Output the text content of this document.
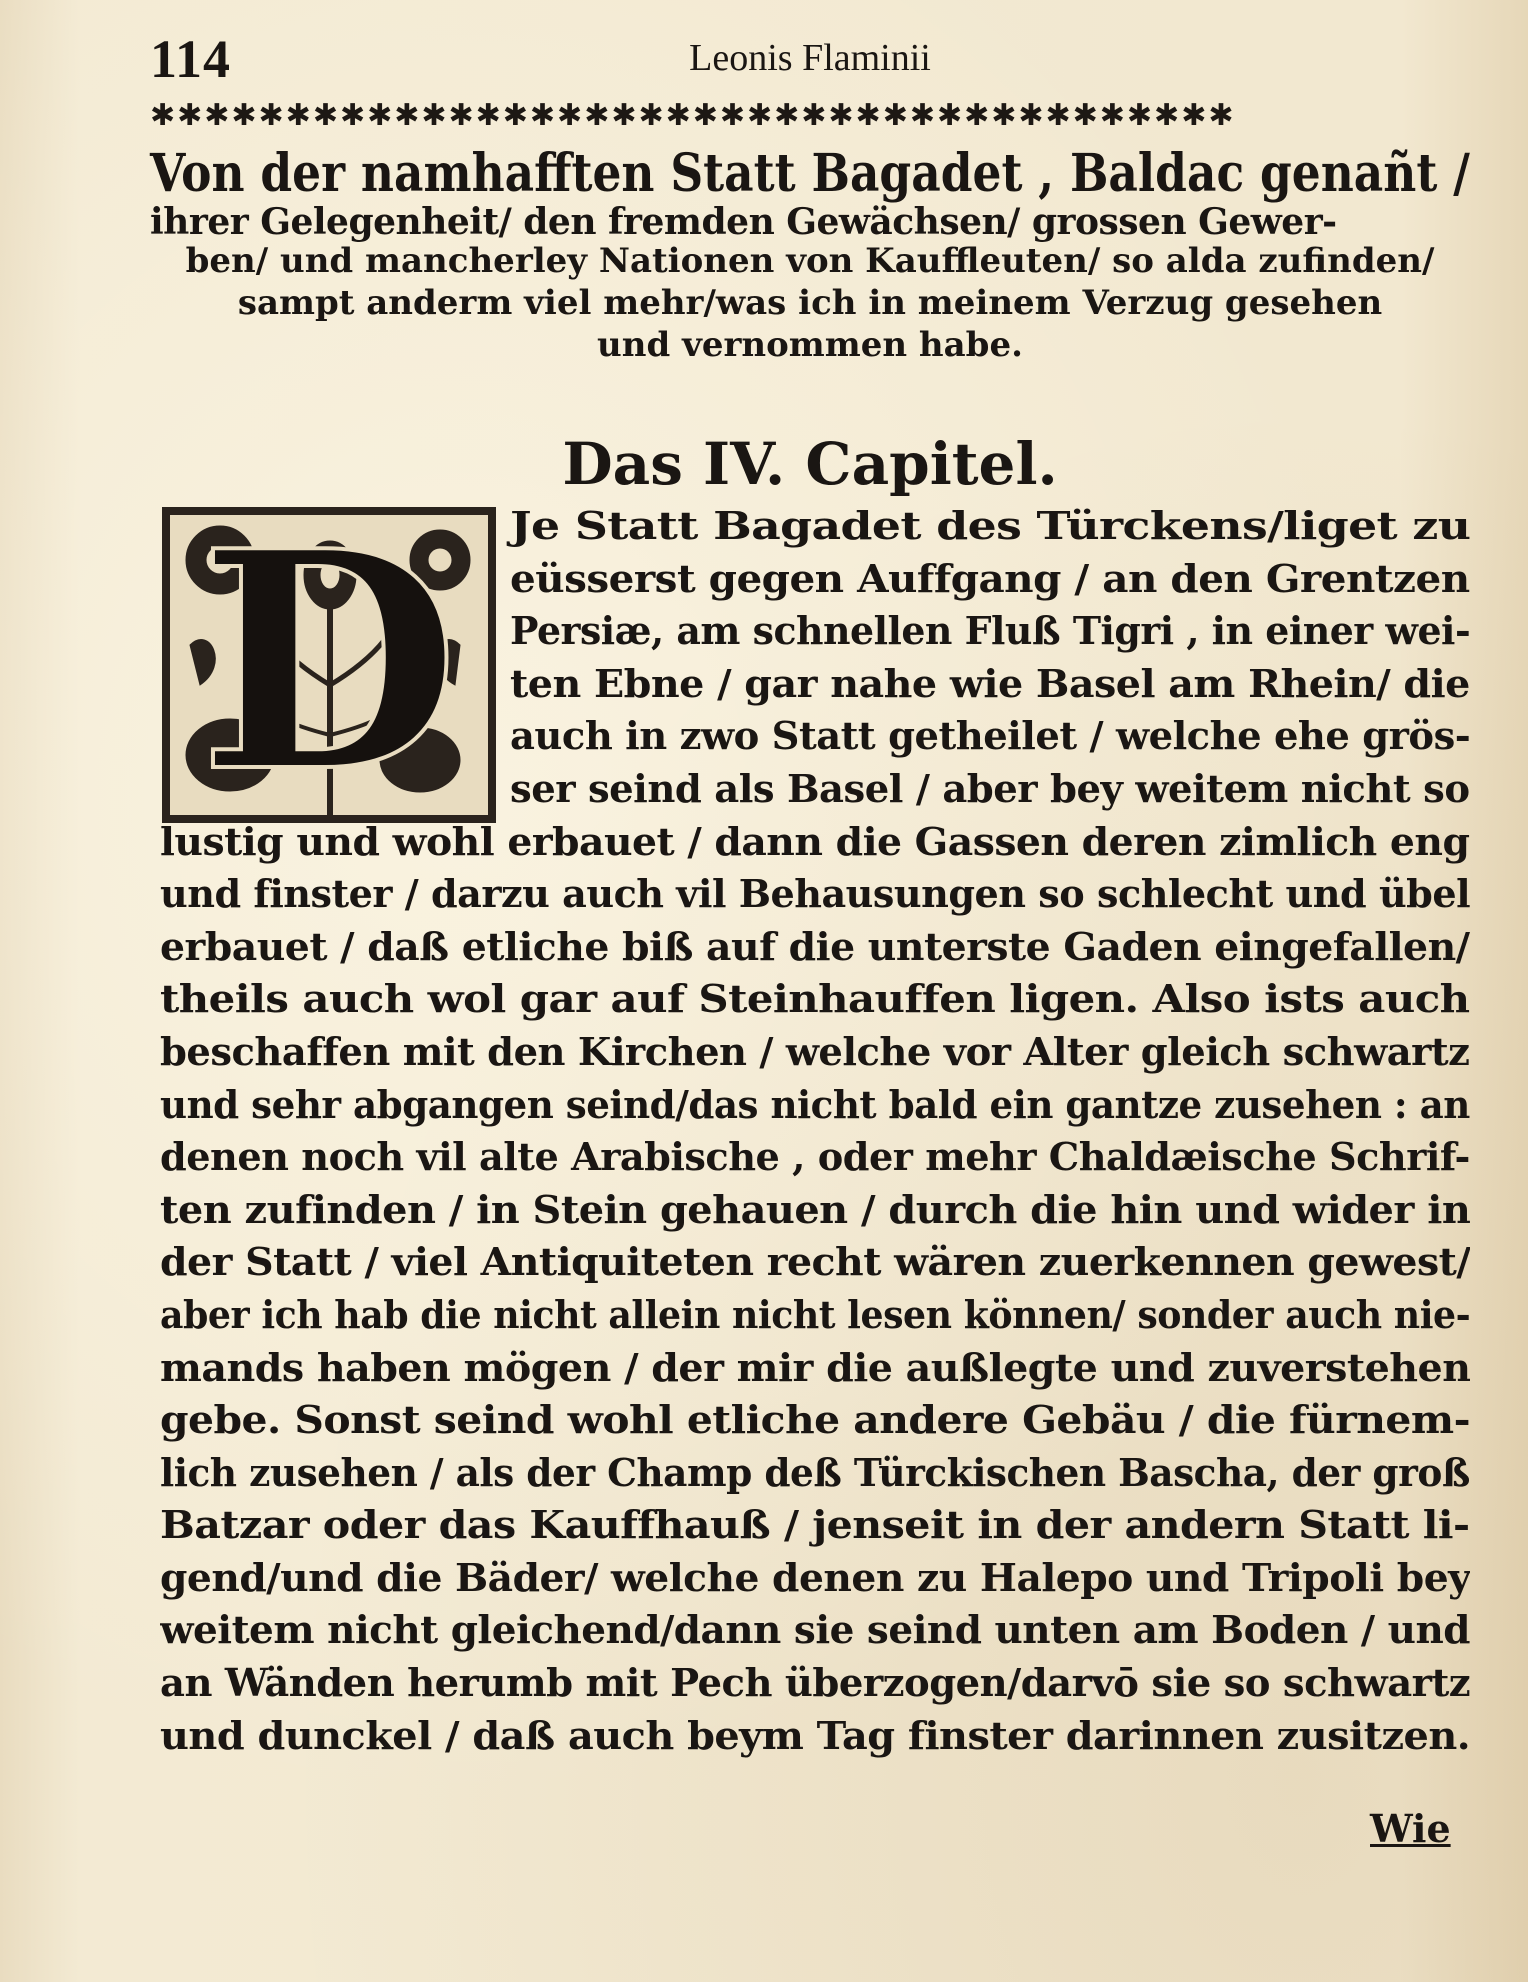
114	Leonis Flaminii
✱✱✱✱✱✱✱✱✱✱✱✱✱✱✱✱✱✱✱✱✱✱✱✱✱✱✱✱✱✱✱✱✱✱✱✱✱✱✱✱
Von der namhafften Statt Bagadet , Baldac genañt /
ihrer Gelegenheit/ den fremden Gewächsen/ grossen Gewer-
ben/ und mancherley Nationen von Kauffleuten/ so alda zufinden/
sampt anderm viel mehr/was ich in meinem Verzug gesehen
und vernommen habe.
Das IV. Capitel.
D	Je Statt Bagadet des Türckens/liget zu
eüsserst gegen Auffgang / an den Grentzen
Persiæ, am schnellen Fluß Tigri , in einer wei-
ten Ebne / gar nahe wie Basel am Rhein/ die
auch in zwo Statt getheilet / welche ehe grös-
ser seind als Basel / aber bey weitem nicht so
lustig und wohl erbauet / dann die Gassen deren zimlich eng
und finster / darzu auch vil Behausungen so schlecht und übel
erbauet / daß etliche biß auf die unterste Gaden eingefallen/
theils auch wol gar auf Steinhauffen ligen. Also ists auch
beschaffen mit den Kirchen / welche vor Alter gleich schwartz
und sehr abgangen seind/das nicht bald ein gantze zusehen : an
denen noch vil alte Arabische , oder mehr Chaldæische Schrif-
ten zufinden / in Stein gehauen / durch die hin und wider in
der Statt / viel Antiquiteten recht wären zuerkennen gewest/
aber ich hab die nicht allein nicht lesen können/ sonder auch nie-
mands haben mögen / der mir die außlegte und zuverstehen
gebe. Sonst seind wohl etliche andere Gebäu / die fürnem-
lich zusehen / als der Champ deß Türckischen Bascha, der groß
Batzar oder das Kauffhauß / jenseit in der andern Statt li-
gend/und die Bäder/ welche denen zu Halepo und Tripoli bey
weitem nicht gleichend/dann sie seind unten am Boden / und
an Wänden herumb mit Pech überzogen/darvō sie so schwartz
und dunckel / daß auch beym Tag finster darinnen zusitzen.
Wie
